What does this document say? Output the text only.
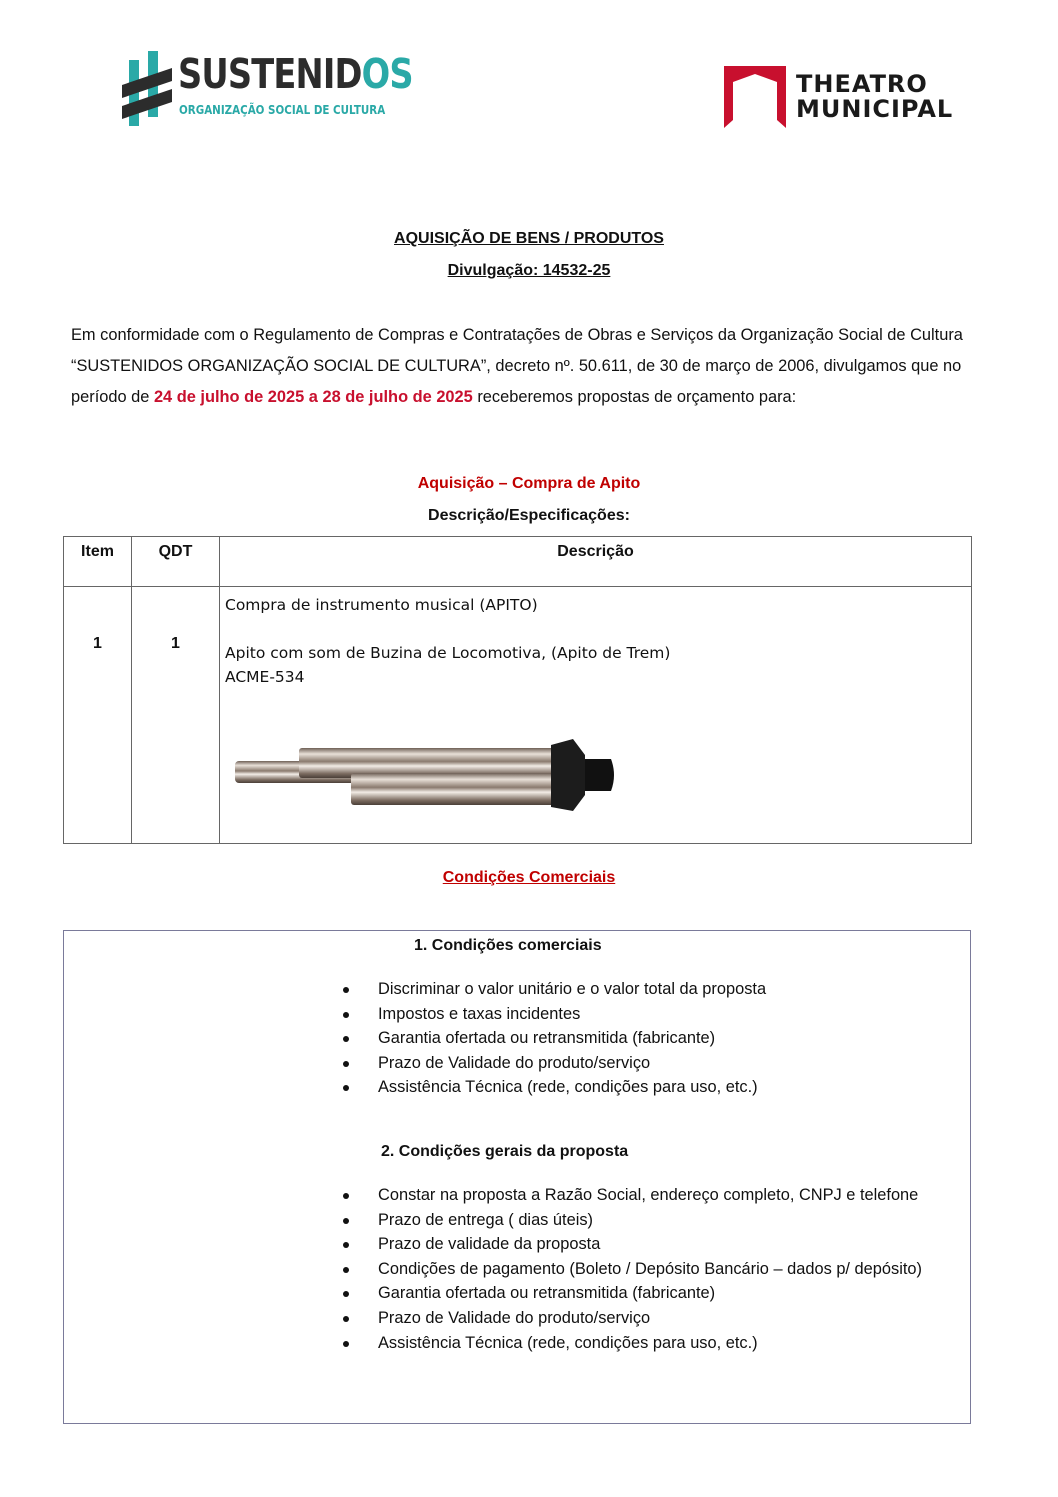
SUSTENIDOS
ORGANIZAÇÃO SOCIAL DE CULTURA
THEATRO
MUNICIPAL
AQUISIÇÃO DE BENS / PRODUTOS
Divulgação: 14532-25
Em conformidade com o Regulamento de Compras e Contratações de Obras e Serviços da Organização Social de Cultura “SUSTENIDOS ORGANIZAÇÃO SOCIAL DE CULTURA”, decreto nº. 50.611, de 30 de março de 2006, divulgamos que no período de 24 de julho de 2025 a 28 de julho de 2025 receberemos propostas de orçamento para:
Aquisição – Compra de Apito
Descrição/Especificações:
Item	QDT	Descrição
1	1	Compra de instrumento musical (APITO)

Apito com som de Buzina de Locomotiva, (Apito de Trem)

ACME-534

Condições Comerciais
1. Condições comerciais
Discriminar o valor unitário e o valor total da proposta
Impostos e taxas incidentes
Garantia ofertada ou retransmitida (fabricante)
Prazo de Validade do produto/serviço
Assistência Técnica (rede, condições para uso, etc.)
2. Condições gerais da proposta
Constar na proposta a Razão Social, endereço completo, CNPJ e telefone
Prazo de entrega ( dias úteis)
Prazo de validade da proposta
Condições de pagamento (Boleto / Depósito Bancário – dados p/ depósito)
Garantia ofertada ou retransmitida (fabricante)
Prazo de Validade do produto/serviço
Assistência Técnica (rede, condições para uso, etc.)
